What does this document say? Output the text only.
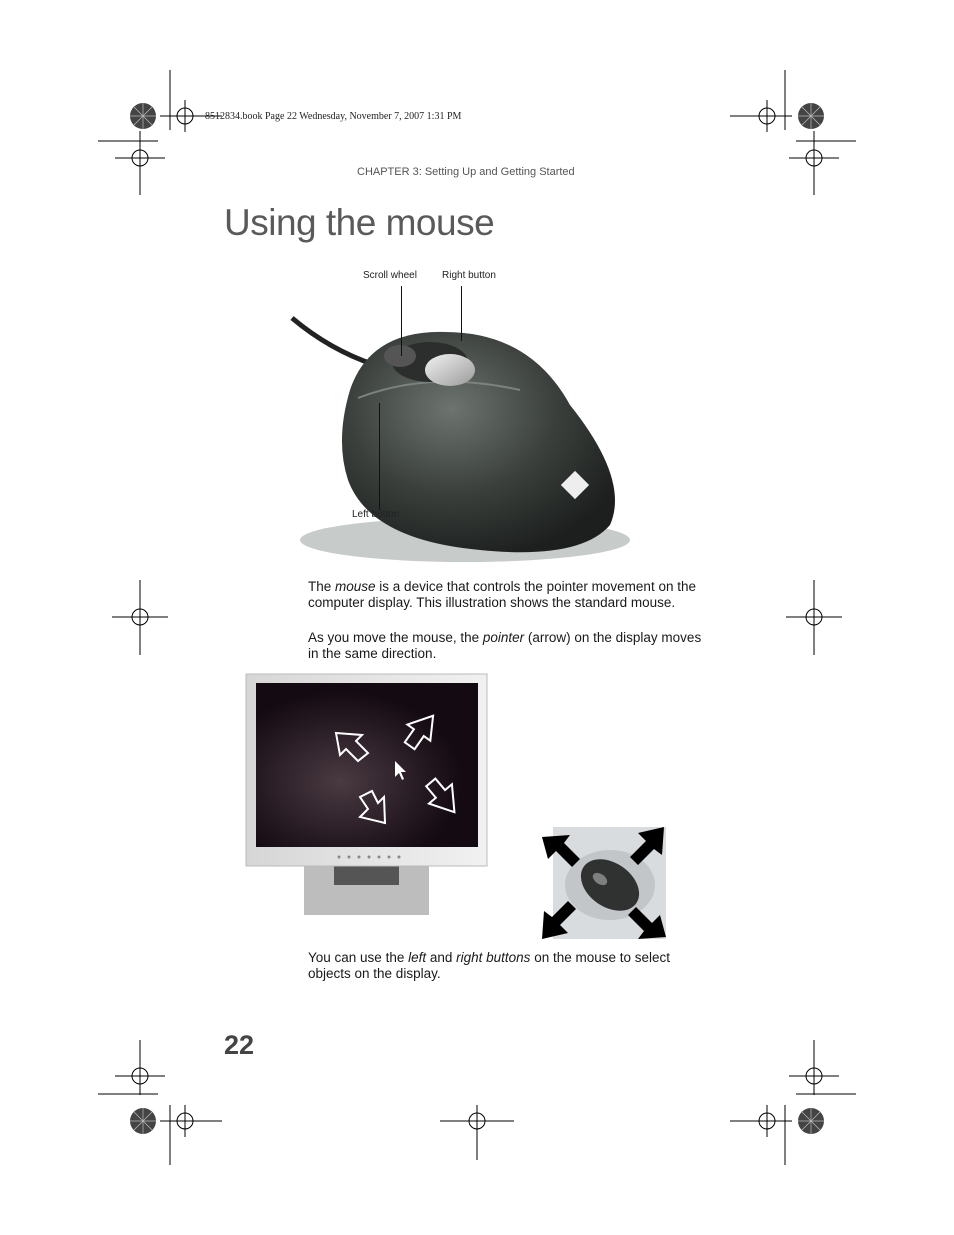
8512834.book Page 22 Wednesday, November 7, 2007 1:31 PM
CHAPTER 3: Setting Up and Getting Started
Using the mouse
Scroll wheel	Right button
Left button

The mouse is a device that controls the pointer movement on the computer display. This illustration shows the standard mouse.

As you move the mouse, the pointer (arrow) on the display moves in the same direction.

You can use the left and right buttons on the mouse to select objects on the display.

22
